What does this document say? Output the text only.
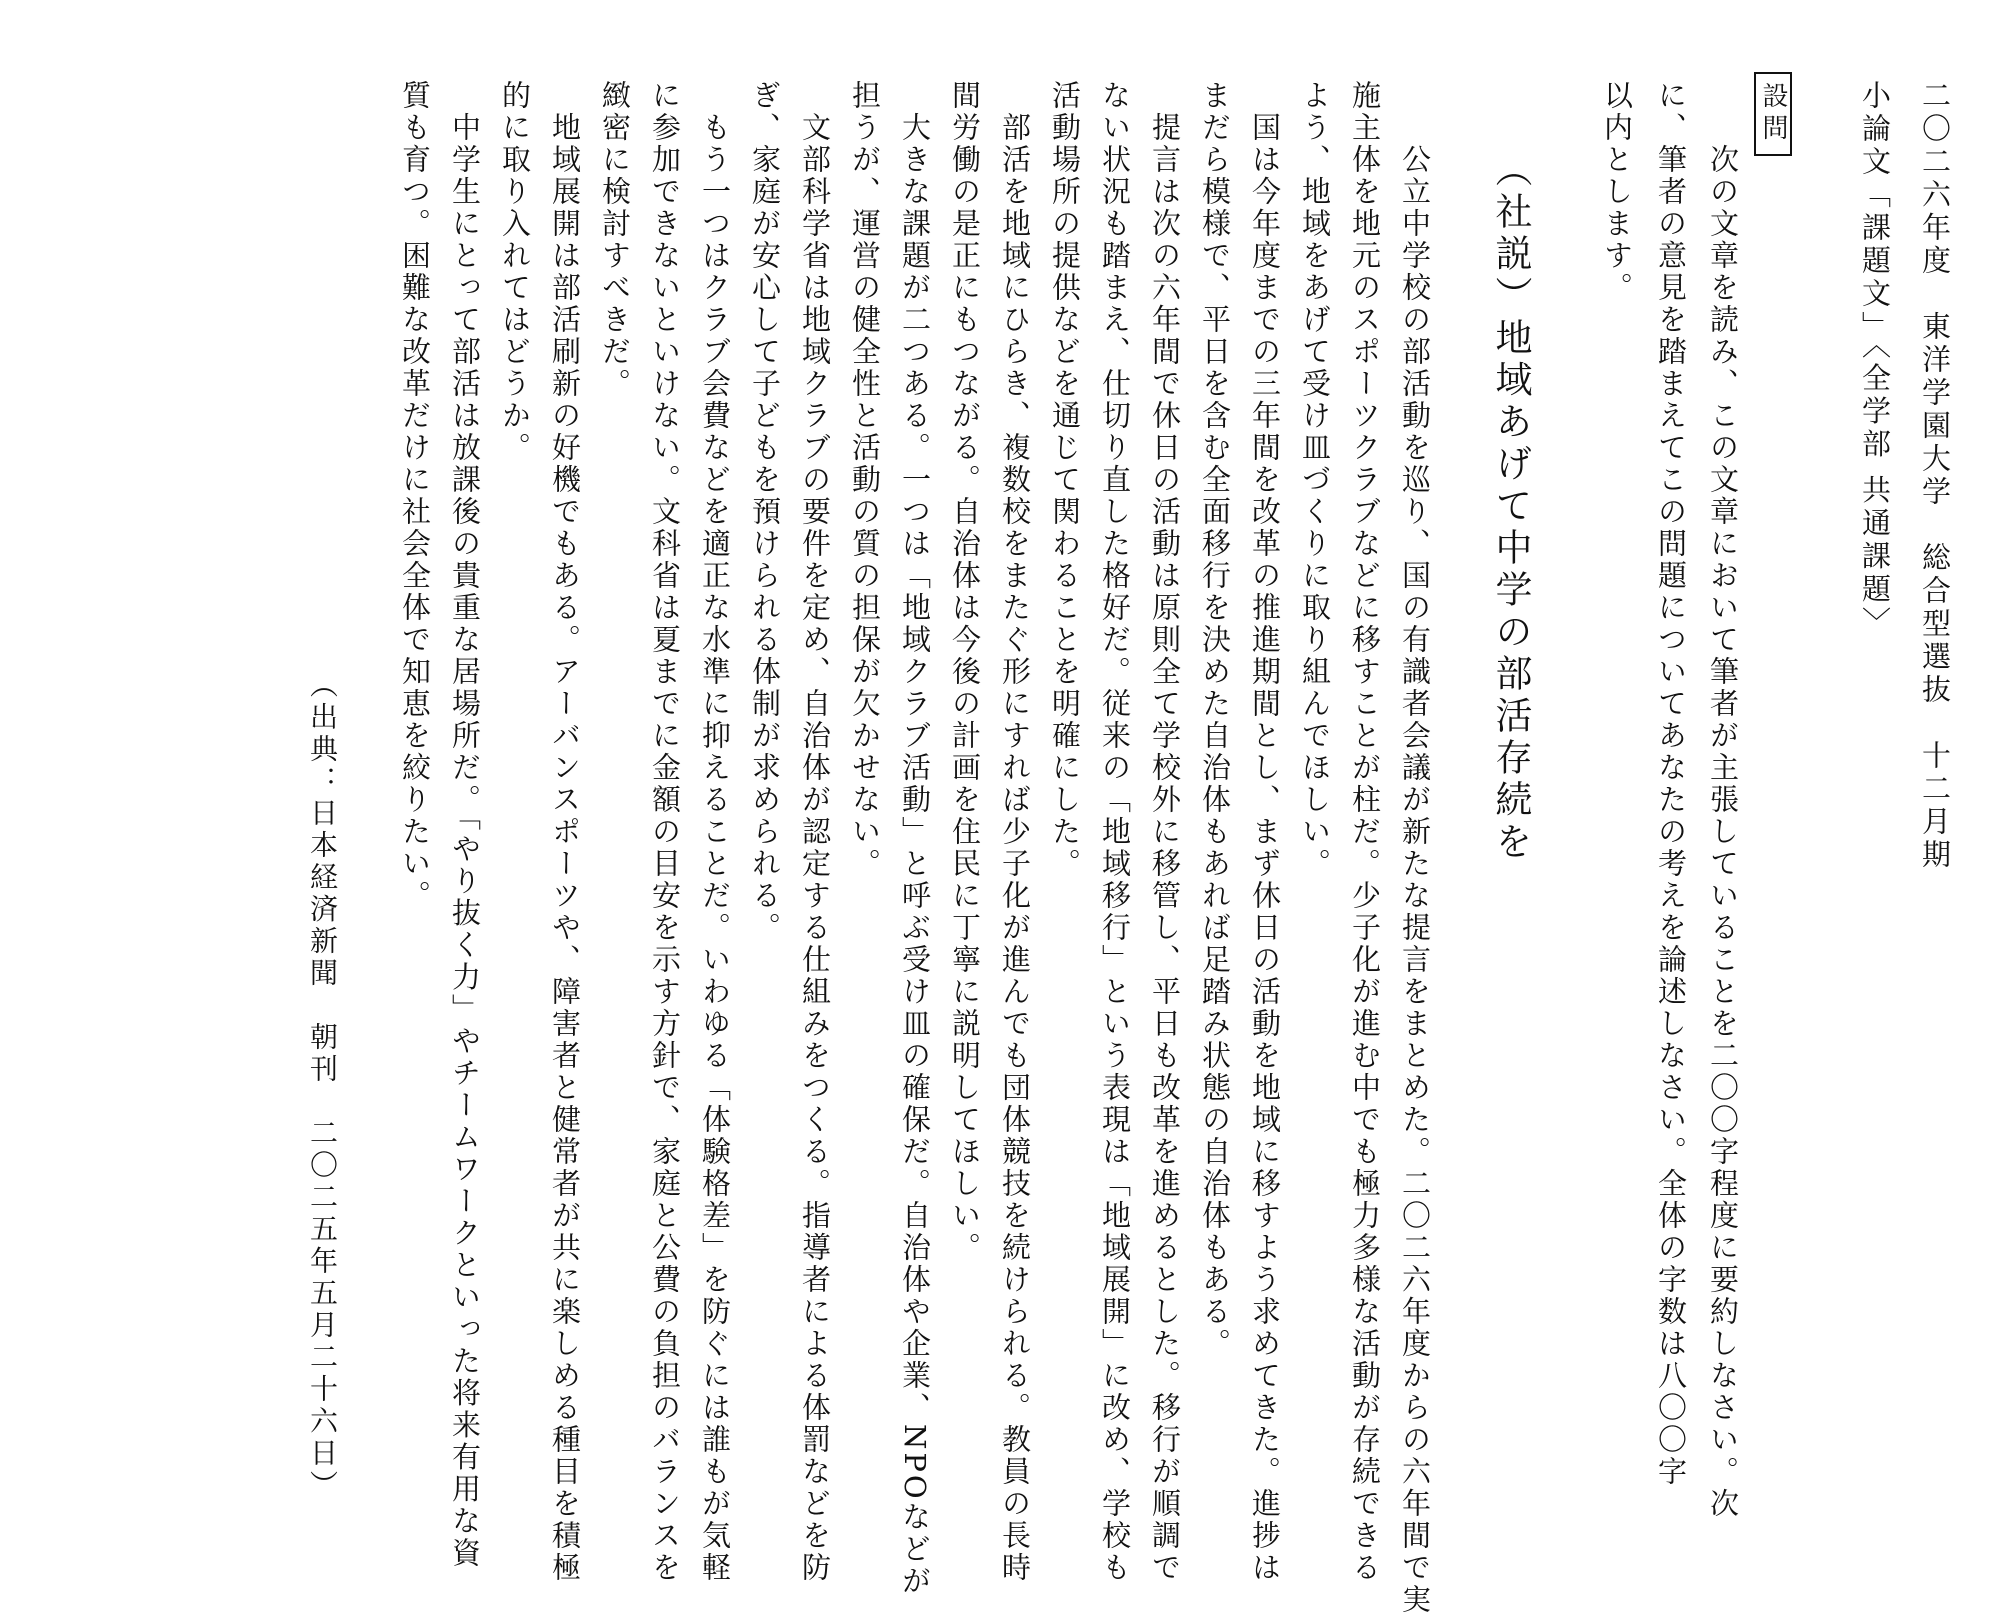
二〇二六年度　東洋学園大学　総合型選抜　十二月期
小論文「課題文」〈全学部 共通課題〉
設問
　次の文章を読み、この文章において筆者が主張していることを二〇〇字程度に要約しなさい。次
に、筆者の意見を踏まえてこの問題についてあなたの考えを論述しなさい。全体の字数は八〇〇字
以内とします。
（社説）地域あげて中学の部活存続を
　公立中学校の部活動を巡り、国の有識者会議が新たな提言をまとめた。二〇二六年度からの六年間で実
施主体を地元のスポーツクラブなどに移すことが柱だ。少子化が進む中でも極力多様な活動が存続できる
よう、地域をあげて受け皿づくりに取り組んでほしい。
　国は今年度までの三年間を改革の推進期間とし、まず休日の活動を地域に移すよう求めてきた。進捗は
まだら模様で、平日を含む全面移行を決めた自治体もあれば足踏み状態の自治体もある。
　提言は次の六年間で休日の活動は原則全て学校外に移管し、平日も改革を進めるとした。移行が順調で
ない状況も踏まえ、仕切り直した格好だ。従来の「地域移行」という表現は「地域展開」に改め、学校も
活動場所の提供などを通じて関わることを明確にした。
　部活を地域にひらき、複数校をまたぐ形にすれば少子化が進んでも団体競技を続けられる。教員の長時
間労働の是正にもつながる。自治体は今後の計画を住民に丁寧に説明してほしい。
　大きな課題が二つある。一つは「地域クラブ活動」と呼ぶ受け皿の確保だ。自治体や企業、NPOなどが
担うが、運営の健全性と活動の質の担保が欠かせない。
　文部科学省は地域クラブの要件を定め、自治体が認定する仕組みをつくる。指導者による体罰などを防
ぎ、家庭が安心して子どもを預けられる体制が求められる。
　もう一つはクラブ会費などを適正な水準に抑えることだ。いわゆる「体験格差」を防ぐには誰もが気軽
に参加できないといけない。文科省は夏までに金額の目安を示す方針で、家庭と公費の負担のバランスを
緻密に検討すべきだ。
　地域展開は部活刷新の好機でもある。アーバンスポーツや、障害者と健常者が共に楽しめる種目を積極
的に取り入れてはどうか。
　中学生にとって部活は放課後の貴重な居場所だ。「やり抜く力」やチームワークといった将来有用な資
質も育つ。困難な改革だけに社会全体で知恵を絞りたい。
（出典：日本経済新聞　朝刊　二〇二五年五月二十六日）
